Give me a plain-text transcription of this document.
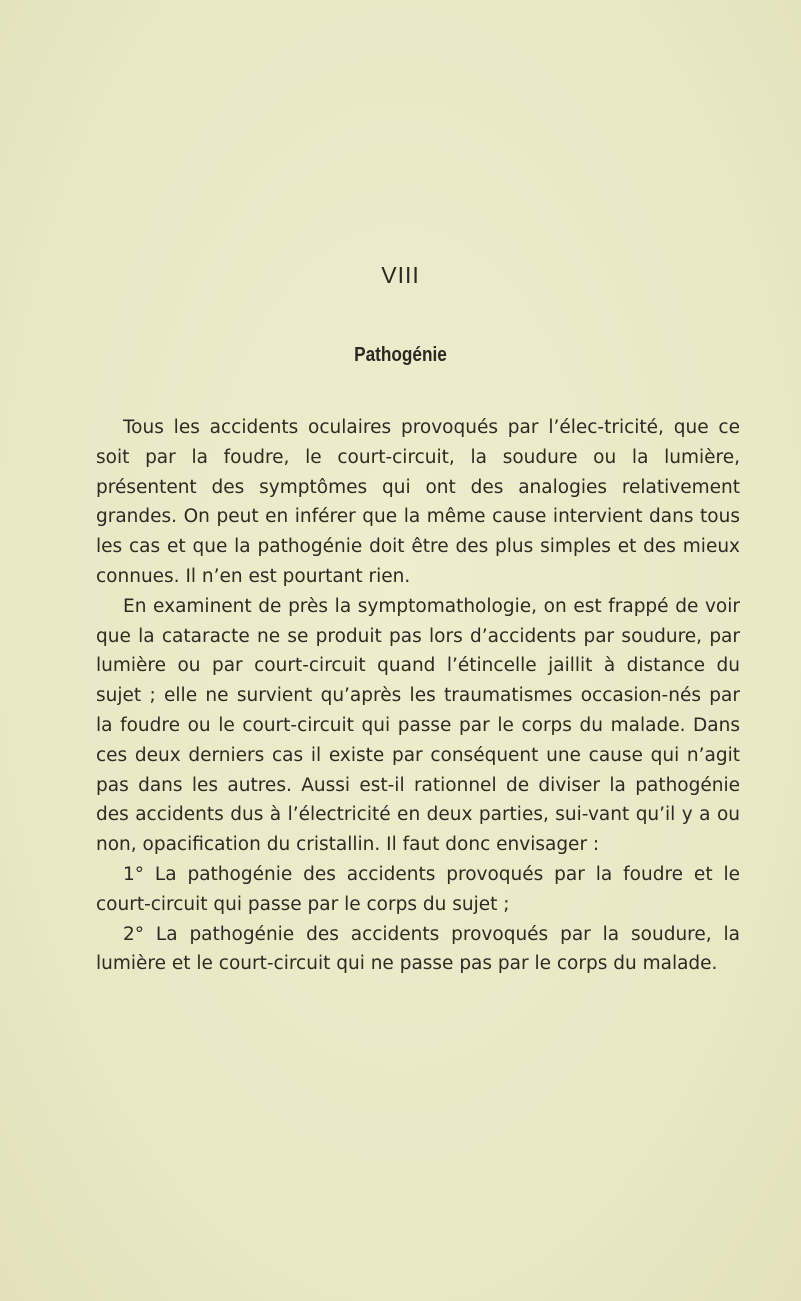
VIII
Pathogénie

Tous les accidents oculaires provoqués par l’élec-tricité, que ce soit par la foudre, le court-circuit, la soudure ou la lumière, présentent des symptômes qui ont des analogies relativement grandes. On peut en inférer que la même cause intervient dans tous les cas et que la pathogénie doit être des plus simples et des mieux connues. Il n’en est pourtant rien.

En examinent de près la symptomathologie, on est frappé de voir que la cataracte ne se produit pas lors d’accidents par soudure, par lumière ou par court-circuit quand l’étincelle jaillit à distance du sujet ; elle ne survient qu’après les traumatismes occasion-nés par la foudre ou le court-circuit qui passe par le corps du malade. Dans ces deux derniers cas il existe par conséquent une cause qui n’agit pas dans les autres. Aussi est-il rationnel de diviser la pathogénie des accidents dus à l’électricité en deux parties, sui-vant qu’il y a ou non, opacification du cristallin. Il faut donc envisager :

1° La pathogénie des accidents provoqués par la foudre et le court-circuit qui passe par le corps du sujet ;

2° La pathogénie des accidents provoqués par la soudure, la lumière et le court-circuit qui ne passe pas par le corps du malade.
